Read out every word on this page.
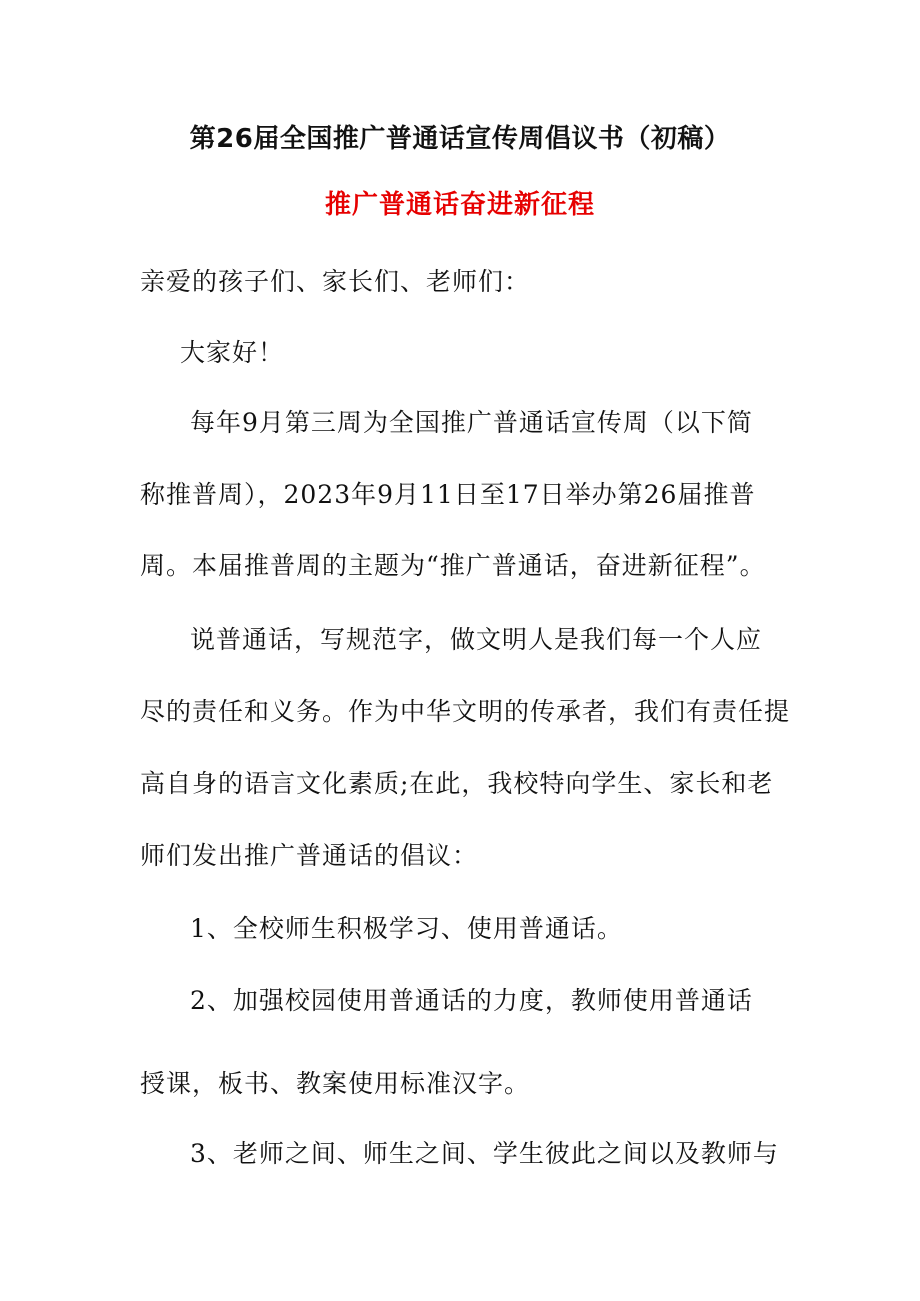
第26届全国推广普通话宣传周倡议书（初稿）
推广普通话奋进新征程
亲爱的孩子们、家长们、老师们：
大家好！
每年9月第三周为全国推广普通话宣传周（以下简
称推普周），2023年9月11日至17日举办第26届推普
周。本届推普周的主题为“推广普通话，奋进新征程”。
说普通话，写规范字，做文明人是我们每一个人应
尽的责任和义务。作为中华文明的传承者，我们有责任提
高自身的语言文化素质;在此，我校特向学生、家长和老
师们发出推广普通话的倡议：
1、全校师生积极学习、使用普通话。
2、加强校园使用普通话的力度，教师使用普通话
授课，板书、教案使用标准汉字。
3、老师之间、师生之间、学生彼此之间以及教师与
